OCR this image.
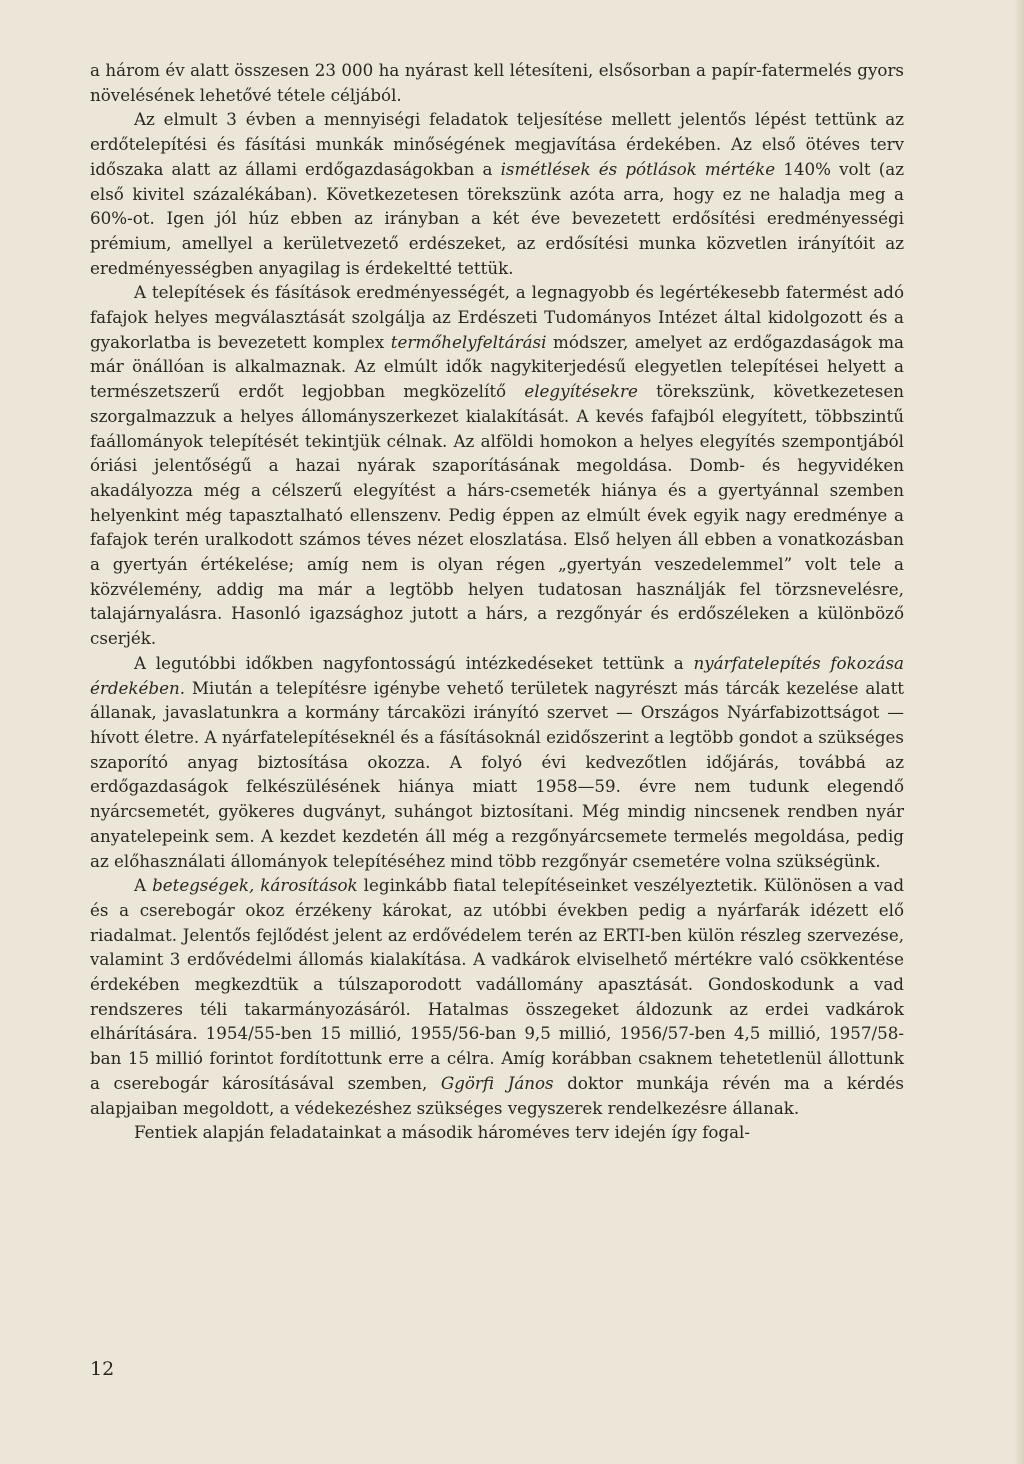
a három év alatt összesen 23 000 ha nyárast kell létesíteni, elsősorban a papír-fatermelés gyors növelésének lehetővé tétele céljából.

Az elmult 3 évben a mennyiségi feladatok teljesítése mellett jelentős lépést tettünk az erdőtelepítési és fásítási munkák minőségének megjavítása érdekében. Az első ötéves terv időszaka alatt az állami erdőgazdaságokban a ismétlések és pótlások mértéke 140% volt (az első kivitel százalékában). Következetesen törekszünk azóta arra, hogy ez ne haladja meg a 60%-ot. Igen jól húz ebben az irányban a két éve bevezetett erdősítési eredményességi prémium, amellyel a kerületvezető erdészeket, az erdősítési munka közvetlen irányítóit az eredményességben anyagilag is érdekeltté tettük.

A telepítések és fásítások eredményességét, a legnagyobb és legértékesebb fatermést adó fafajok helyes megválasztását szolgálja az Erdészeti Tudományos Intézet által kidolgozott és a gyakorlatba is bevezetett komplex termőhelyfeltárási módszer, amelyet az erdőgazdaságok ma már önállóan is alkalmaznak. Az elmúlt idők nagykiterjedésű elegyetlen telepítései helyett a természetszerű erdőt legjobban megközelítő elegyítésekre törekszünk, következetesen szorgalmazzuk a helyes állományszerkezet kialakítását. A kevés fafajból elegyített, többszintű faállományok telepítését tekintjük célnak. Az alföldi homokon a helyes elegyítés szempontjából óriási jelentőségű a hazai nyárak szaporításának megoldása. Domb- és hegyvidéken akadályozza még a célszerű elegyítést a hárs-csemeték hiánya és a gyertyánnal szemben helyenkint még tapasztalható ellenszenv. Pedig éppen az elmúlt évek egyik nagy eredménye a fafajok terén uralkodott számos téves nézet eloszlatása. Első helyen áll ebben a vonatkozásban a gyertyán értékelése; amíg nem is olyan régen „gyertyán veszedelemmel” volt tele a közvélemény, addig ma már a legtöbb helyen tudatosan használják fel törzsnevelésre, talajárnyalásra. Hasonló igazsághoz jutott a hárs, a rezgőnyár és erdőszéleken a különböző cserjék.

A legutóbbi időkben nagyfontosságú intézkedéseket tettünk a nyárfatelepítés fokozása érdekében. Miután a telepítésre igénybe vehető területek nagyrészt más tárcák kezelése alatt állanak, javaslatunkra a kormány tárcaközi irányító szervet — Országos Nyárfabizottságot — hívott életre. A nyárfatelepítéseknél és a fásításoknál ezidőszerint a legtöbb gondot a szükséges szaporító anyag biztosítása okozza. A folyó évi kedvezőtlen időjárás, továbbá az erdőgazdaságok felkészülésének hiánya miatt 1958—59. évre nem tudunk elegendő nyárcsemetét, gyökeres dugványt, suhángot biztosítani. Még mindig nincsenek rendben nyár anyatelepeink sem. A kezdet kezdetén áll még a rezgőnyárcsemete termelés megoldása, pedig az előhasználati állományok telepítéséhez mind több rezgőnyár csemetére volna szükségünk.

A betegségek, károsítások leginkább fiatal telepítéseinket veszélyeztetik. Különösen a vad és a cserebogár okoz érzékeny károkat, az utóbbi években pedig a nyárfarák idézett elő riadalmat. Jelentős fejlődést jelent az erdővédelem terén az ERTI-ben külön részleg szervezése, valamint 3 erdővédelmi állomás kialakítása. A vadkárok elviselhető mértékre való csökkentése érdekében megkezdtük a túlszaporodott vadállomány apasztását. Gondoskodunk a vad rendszeres téli takarmányozásáról. Hatalmas összegeket áldozunk az erdei vadkárok elhárítására. 1954/55-ben 15 millió, 1955/56-ban 9,5 millió, 1956/57-ben 4,5 millió, 1957/58-ban 15 millió forintot fordítottunk erre a célra. Amíg korábban csaknem tehetetlenül állottunk a cserebogár károsításával szemben, Ggörfi János doktor munkája révén ma a kérdés alapjaiban megoldott, a védekezéshez szükséges vegyszerek rendelkezésre állanak.

Fentiek alapján feladatainkat a második hároméves terv idején így fogal-

12
